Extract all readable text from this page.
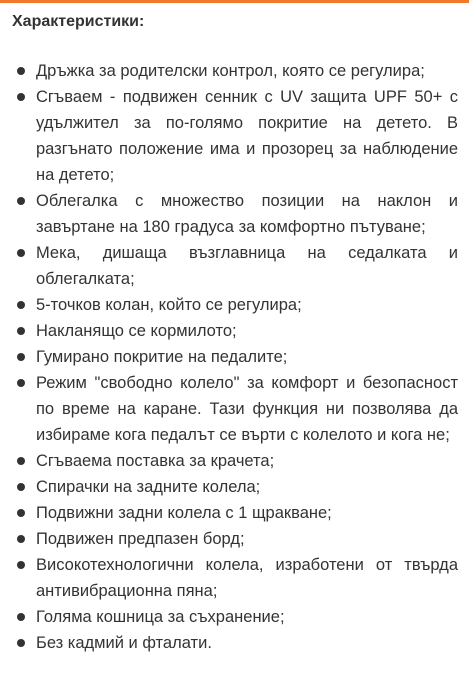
Характеристики:
Дръжка за родителски контрол, която се регулира;
Сгъваем - подвижен сенник с UV защита UPF 50+ с удължител за по-голямо покритие на детето. В разгънато положение има и прозорец за наблюдение на детето;
Облегалка с множество позиции на наклон и завъртане на 180 градуса за комфортно пътуване;
Мека, дишаща възглавница на седалката и облегалката;
5-точков колан, който се регулира;
Накланящо се кормилото;
Гумирано покритие на педалите;
Режим "свободно колело" за комфорт и безопасност по време на каране. Тази функция ни позволява да избираме кога педалът се върти с колелото и кога не;
Сгъваема поставка за крачета;
Спирачки на задните колела;
Подвижни задни колела с 1 щракване;
Подвижен предпазен борд;
Високотехнологични колела, изработени от твърда антивибрационна пяна;
Голяма кошница за съхранение;
Без кадмий и фталати.
